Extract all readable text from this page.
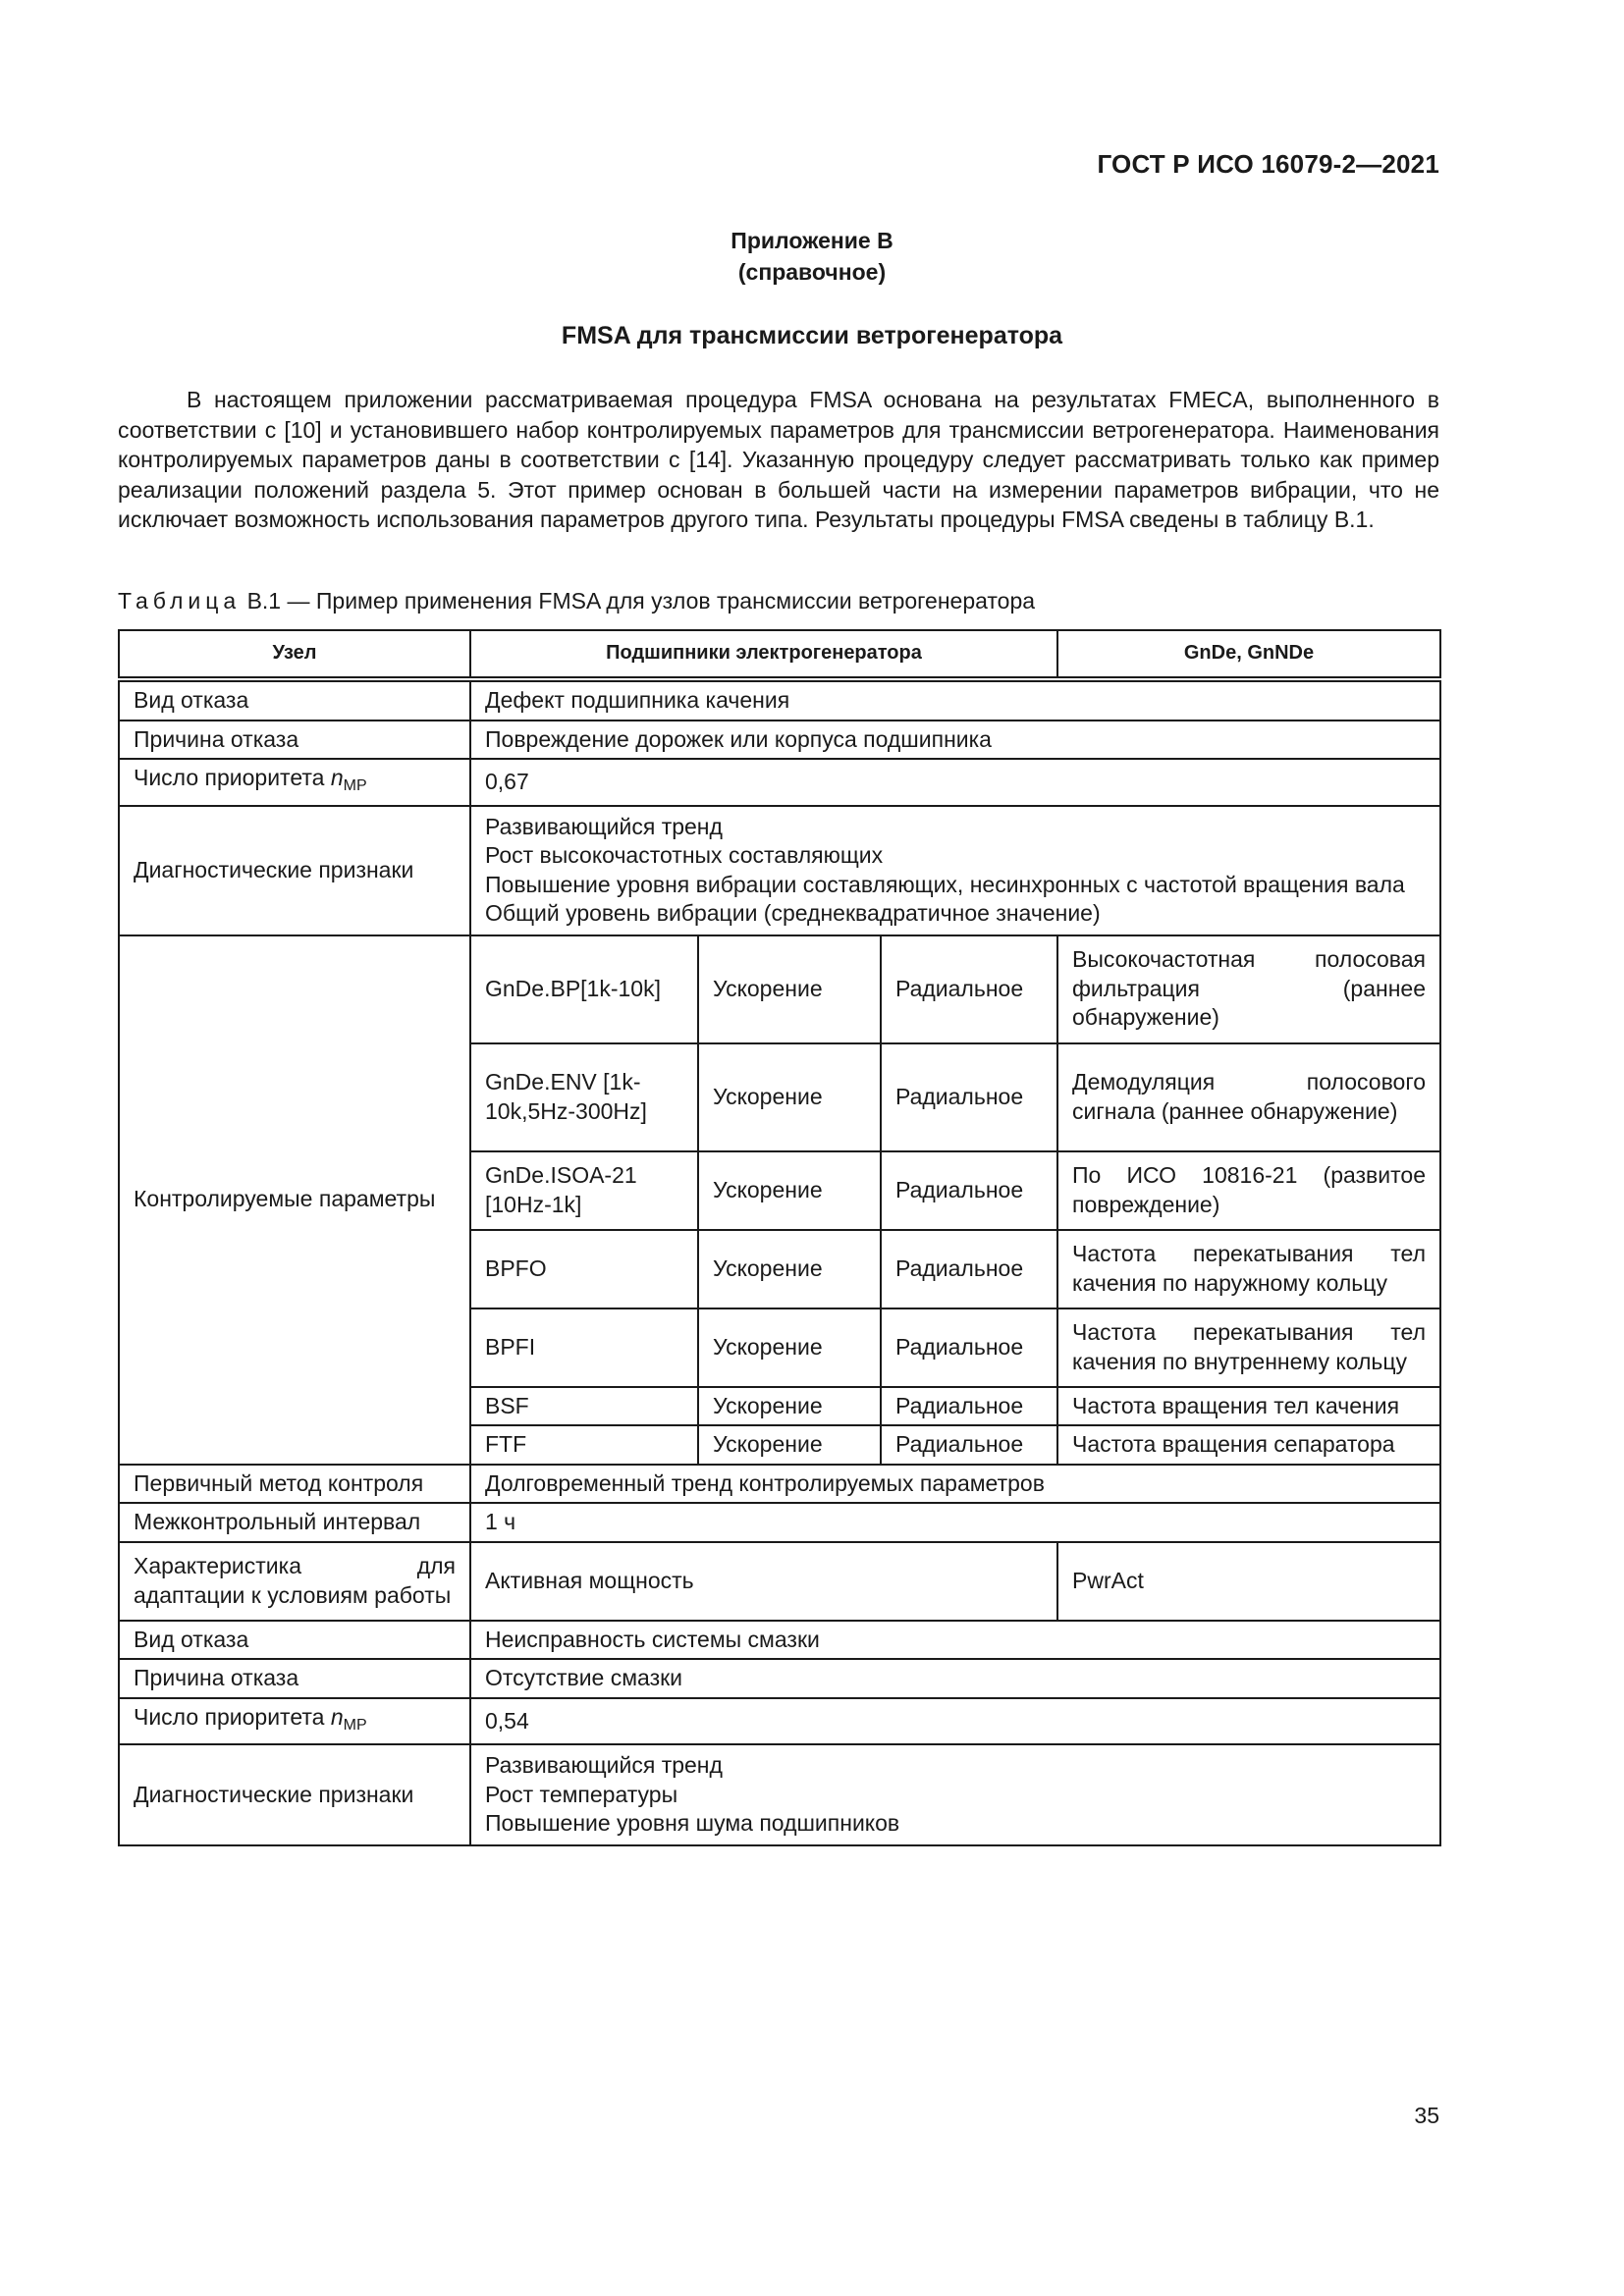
ГОСТ Р ИСО 16079-2—2021
Приложение В
(справочное)
FMSA для трансмиссии ветрогенератора

В настоящем приложении рассматриваемая процедура FMSA основана на результатах FMECA, выполненного в соответствии с [10] и установившего набор контролируемых параметров для трансмиссии ветрогенератора. Наименования контролируемых параметров даны в соответствии с [14]. Указанную процедуру следует рассматривать только как пример реализации положений раздела 5. Этот пример основан в большей части на измерении параметров вибрации, что не исключает возможность использования параметров другого типа. Результаты процедуры FMSA сведены в таблицу В.1.

Таблица В.1 — Пример применения FMSA для узлов трансмиссии ветрогенератора
Узел	Подшипники электрогенератора			GnDe, GnNDe
Вид отказа	Дефект подшипника качения			
Причина отказа	Повреждение дорожек или корпуса подшипника			
Число приоритета $n_{MP}$	0,67			
Диагностические признаки	Развивающийся тренд
Рост высокочастотных составляющих
Повышение уровня вибрации составляющих, несинхронных с частотой вращения вала
Общий уровень вибрации (среднеквадратичное значение)			

Контролируемые параметры	GnDe.BP[1k-10k]	Ускорение	Радиальное	Высокочастотная полосовая фильтрация (раннее обнаружение)
	GnDe.ENV [1k-10k,5Hz-300Hz]	Ускорение	Радиальное	Демодуляция полосового сигнала (раннее обнаружение)
	GnDe.ISOA-21 [10Hz-1k]	Ускорение	Радиальное	По ИСО 10816-21 (развитое повреждение)
	BPFO	Ускорение	Радиальное	Частота перекатывания тел качения по наружному кольцу
	BPFI	Ускорение	Радиальное	Частота перекатывания тел качения по внутреннему кольцу
	BSF	Ускорение	Радиальное	Частота вращения тел качения
	FTF	Ускорение	Радиальное	Частота вращения сепаратора
Первичный метод контроля	Долговременный тренд контролируемых параметров			
Межконтрольный интервал	1 ч			
Характеристика для адаптации к условиям работы	Активная мощность			PwrAct
Вид отказа	Неисправность системы смазки			
Причина отказа	Отсутствие смазки			
Число приоритета $n_{MP}$	0,54			
Диагностические признаки	Развивающийся тренд
Рост температуры
Повышение уровня шума подшипников			
35
